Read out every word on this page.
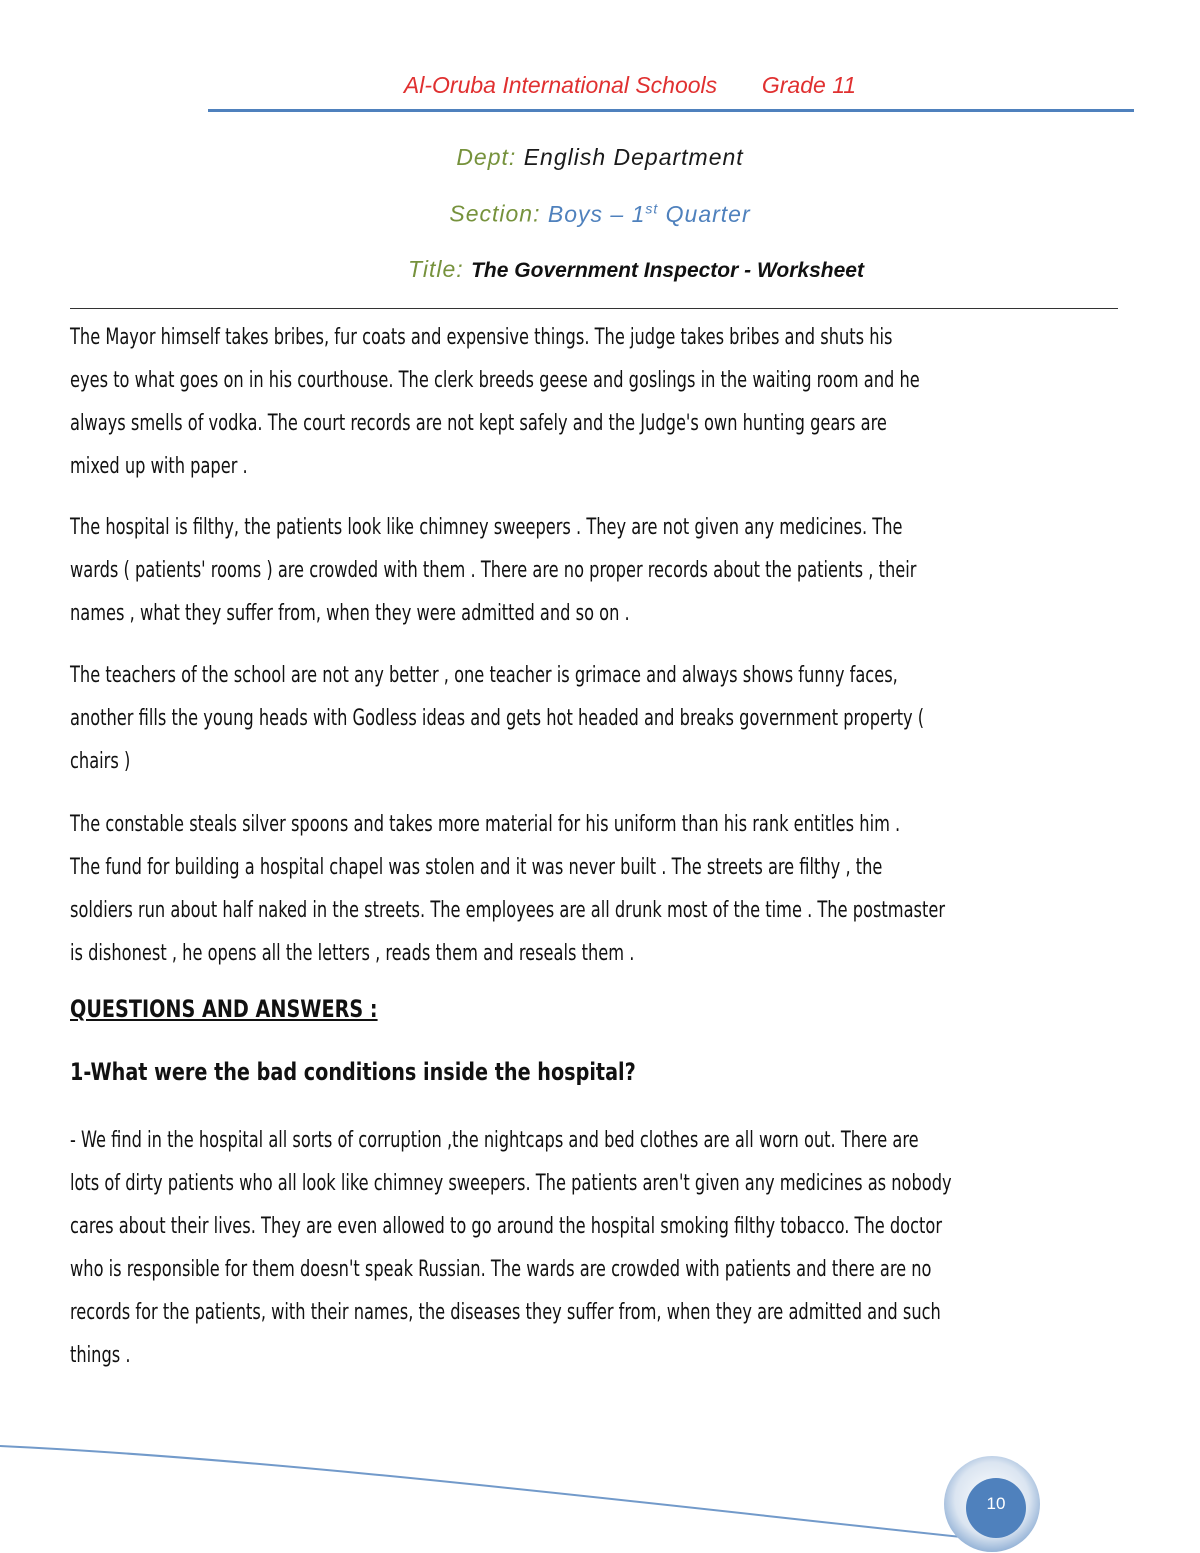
Al-Oruba International Schools       Grade 11
Dept: English Department
Section: Boys – 1st Quarter
Title: The Government Inspector - Worksheet
The Mayor himself takes bribes, fur coats and expensive things. The judge takes bribes and shuts his
eyes to what goes on in his courthouse. The clerk breeds geese and goslings in the waiting room and he
always smells of vodka. The court records are not kept safely and the Judge's own hunting gears are
mixed up with paper .
The hospital is filthy, the patients look like chimney sweepers . They are not given any medicines. The
wards ( patients' rooms ) are crowded with them . There are no proper records about the patients , their
names , what they suffer from, when they were admitted and so on .
The teachers of the school are not any better , one teacher is grimace and always shows funny faces,
another fills the young heads with Godless ideas and gets hot headed and breaks government property (
chairs )
The constable steals silver spoons and takes more material for his uniform than his rank entitles him .
The fund for building a hospital chapel was stolen and it was never built . The streets are filthy , the
soldiers run about half naked in the streets. The employees are all drunk most of the time . The postmaster
is dishonest , he opens all the letters , reads them and reseals them .
QUESTIONS AND ANSWERS :
1-What were the bad conditions inside the hospital?
- We find in the hospital all sorts of corruption ,the nightcaps and bed clothes are all worn out. There are
lots of dirty patients who all look like chimney sweepers. The patients aren't given any medicines as nobody
cares about their lives. They are even allowed to go around the hospital smoking filthy tobacco. The doctor
who is responsible for them doesn't speak Russian. The wards are crowded with patients and there are no
records for the patients, with their names, the diseases they suffer from, when they are admitted and such
things .
10
